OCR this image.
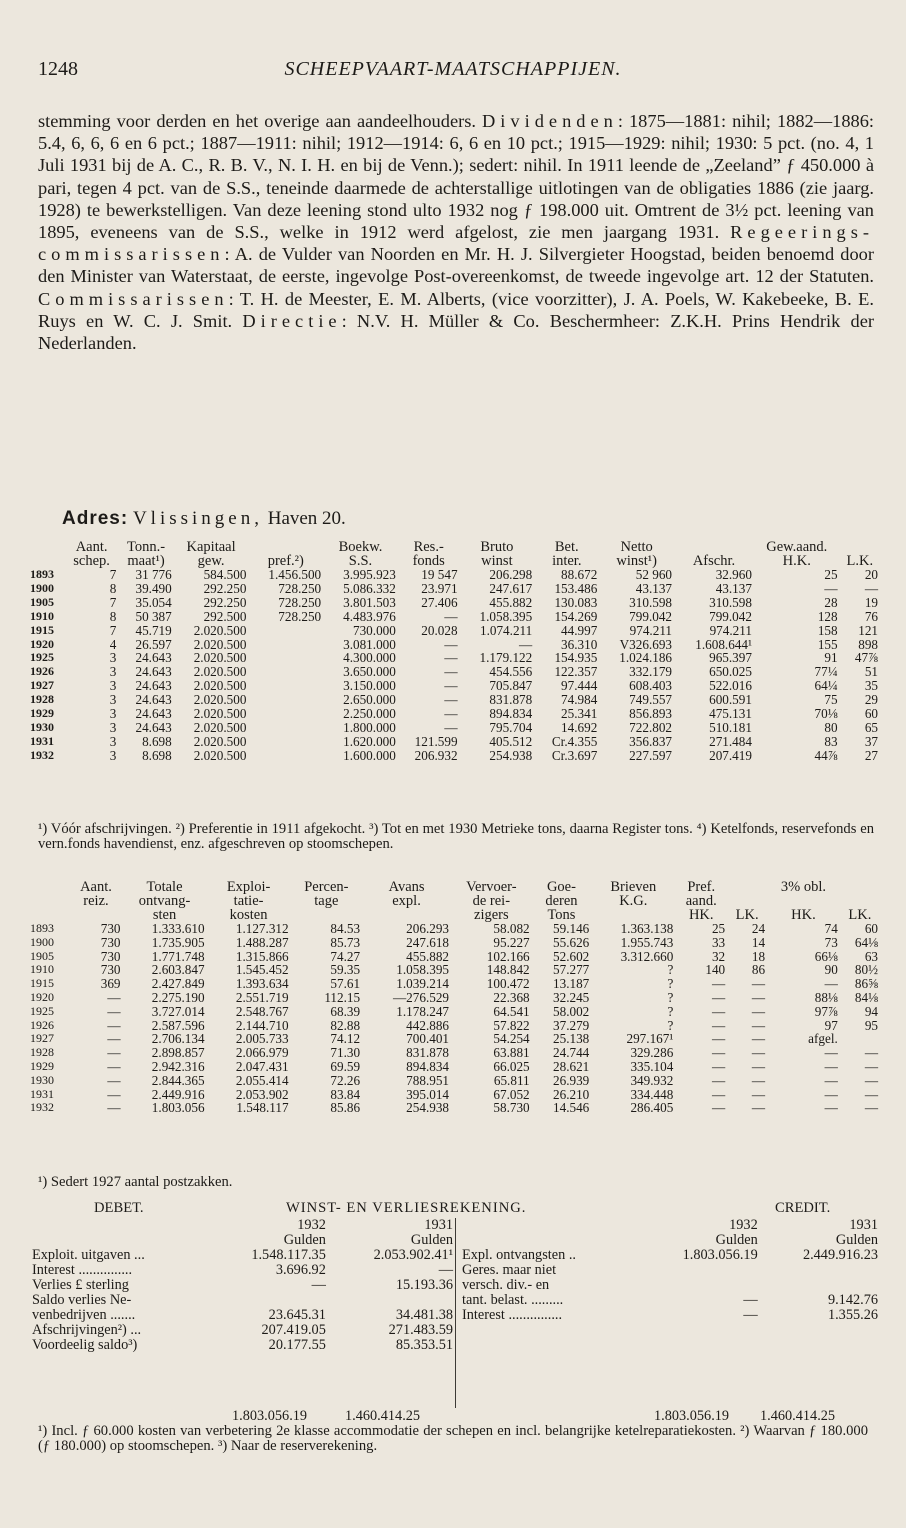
1248	SCHEEPVAART-MAATSCHAPPIJEN.
stemming voor derden en het overige aan aandeelhouders. Dividenden: 1875—1881: nihil; 1882—1886: 5.4, 6, 6, 6 en 6 pct.; 1887—1911: nihil; 1912—1914: 6, 6 en 10 pct.; 1915—1929: nihil; 1930: 5 pct. (no. 4, 1 Juli 1931 bij de A. C., R. B. V., N. I. H. en bij de Venn.); sedert: nihil. In 1911 leende de „Zeeland” ƒ 450.000 à pari, tegen 4 pct. van de S.S., teneinde daarmede de achterstallige uitlotingen van de obligaties 1886 (zie jaarg. 1928) te bewerkstelligen. Van deze leening stond ulto 1932 nog ƒ 198.000 uit. Omtrent de 3½ pct. leening van 1895, eveneens van de S.S., welke in 1912 werd afgelost, zie men jaargang 1931. Regeerings-commissarissen: A. de Vulder van Noorden en Mr. H. J. Silvergieter Hoogstad, beiden benoemd door den Minister van Waterstaat, de eerste, ingevolge Post-overeenkomst, de tweede ingevolge art. 12 der Statuten. Commissarissen: T. H. de Meester, E. M. Alberts, (vice voorzitter), J. A. Poels, W. Kakebeeke, B. E. Ruys en W. C. J. Smit. Directie: N.V. H. Müller & Co. Beschermheer: Z.K.H. Prins Hendrik der Nederlanden.
Adres: Vlissingen, Haven 20.
	Aant.	Tonn.-	Kapitaal		Boekw.	Res.-	Bruto	Bet.	Netto		Gew.aand.	
	schep.	maat¹)	gew.	pref.²)	S.S.	fonds	winst	inter.	winst¹)	Afschr.	H.K.	L.K.
1893	7	31 776	584.500	1.456.500	3.995.923	19 547	206.298	88.672	52 960	32.960	25	20
1900	8	39.490	292.250	728.250	5.086.332	23.971	247.617	153.486	43.137	43.137	—	—
1905	7	35.054	292.250	728.250	3.801.503	27.406	455.882	130.083	310.598	310.598	28	19
1910	8	50 387	292.500	728.250	4.483.976	—	1.058.395	154.269	799.042	799.042	128	76
1915	7	45.719	2.020.500		730.000	20.028	1.074.211	44.997	974.211	974.211	158	121
1920	4	26.597	2.020.500		3.081.000	—	—	36.310	V326.693	1.608.644¹	155	898
1925	3	24.643	2.020.500		4.300.000	—	1.179.122	154.935	1.024.186	965.397	91	47⅞
1926	3	24.643	2.020.500		3.650.000	—	454.556	122.357	332.179	650.025	77¼	51
1927	3	24.643	2.020.500		3.150.000	—	705.847	97.444	608.403	522.016	64¼	35
1928	3	24.643	2.020.500		2.650.000	—	831.878	74.984	749.557	600.591	75	29
1929	3	24.643	2.020.500		2.250.000	—	894.834	25.341	856.893	475.131	70⅛	60
1930	3	24.643	2.020.500		1.800.000	—	795.704	14.692	722.802	510.181	80	65
1931	3	8.698	2.020.500		1.620.000	121.599	405.512	Cr.4.355	356.837	271.484	83	37
1932	3	8.698	2.020.500		1.600.000	206.932	254.938	Cr.3.697	227.597	207.419	44⅞	27
¹) Vóór afschrijvingen. ²) Preferentie in 1911 afgekocht. ³) Tot en met 1930 Metrieke tons, daarna Register tons. ⁴) Ketelfonds, reservefonds en vern.fonds havendienst, enz. afgeschreven op stoomschepen.
	Aant.	Totale	Exploi-	Percen-	Avans	Vervoer-	Goe-	Brieven	Pref.		3% obl.	
	reiz.	ontvang-	tatie-	tage	expl.	de rei-	deren	K.G.	aand.			
		sten	kosten			zigers	Tons		HK.	LK.	HK.	LK.
1893	730	1.333.610	1.127.312	84.53	206.293	58.082	59.146	1.363.138	25	24	74	60
1900	730	1.735.905	1.488.287	85.73	247.618	95.227	55.626	1.955.743	33	14	73	64⅛
1905	730	1.771.748	1.315.866	74.27	455.882	102.166	52.602	3.312.660	32	18	66⅛	63
1910	730	2.603.847	1.545.452	59.35	1.058.395	148.842	57.277	?	140	86	90	80½
1915	369	2.427.849	1.393.634	57.61	1.039.214	100.472	13.187	?	—	—	—	86⅝
1920	—	2.275.190	2.551.719	112.15	—276.529	22.368	32.245	?	—	—	88⅛	84⅛
1925	—	3.727.014	2.548.767	68.39	1.178.247	64.541	58.002	?	—	—	97⅞	94
1926	—	2.587.596	2.144.710	82.88	442.886	57.822	37.279	?	—	—	97	95
1927	—	2.706.134	2.005.733	74.12	700.401	54.254	25.138	297.167¹	—	—	afgel.	
1928	—	2.898.857	2.066.979	71.30	831.878	63.881	24.744	329.286	—	—	—	—
1929	—	2.942.316	2.047.431	69.59	894.834	66.025	28.621	335.104	—	—	—	—
1930	—	2.844.365	2.055.414	72.26	788.951	65.811	26.939	349.932	—	—	—	—
1931	—	2.449.916	2.053.902	83.84	395.014	67.052	26.210	334.448	—	—	—	—
1932	—	1.803.056	1.548.117	85.86	254.938	58.730	14.546	286.405	—	—	—	—
¹) Sedert 1927 aantal postzakken.
DEBET.	WINST- EN VERLIESREKENING.	CREDIT.
	1932	1931
	Gulden	Gulden
Exploit. uitgaven ...	1.548.117.35	2.053.902.41¹
Interest ...............	3.696.92	—
Verlies £ sterling	—	15.193.36
Saldo verlies Ne-		
venbedrijven .......	23.645.31	34.481.38
Afschrijvingen²) ...	207.419.05	271.483.59
Voordeelig saldo³)	20.177.55	85.353.51
	1932	1931
	Gulden	Gulden
Expl. ontvangsten ..	1.803.056.19	2.449.916.23
Geres. maar niet		
versch. div.- en		
tant. belast. .........	—	9.142.76
Interest ...............	—	1.355.26
1.803.056.19	1.460.414.25	1.803.056.19 1.460.414.25
¹) Incl. ƒ 60.000 kosten van verbetering 2e klasse accommodatie der schepen en incl. belangrijke ketelreparatiekosten. ²) Waarvan ƒ 180.000 (ƒ 180.000) op stoomschepen. ³) Naar de reserverekening.
